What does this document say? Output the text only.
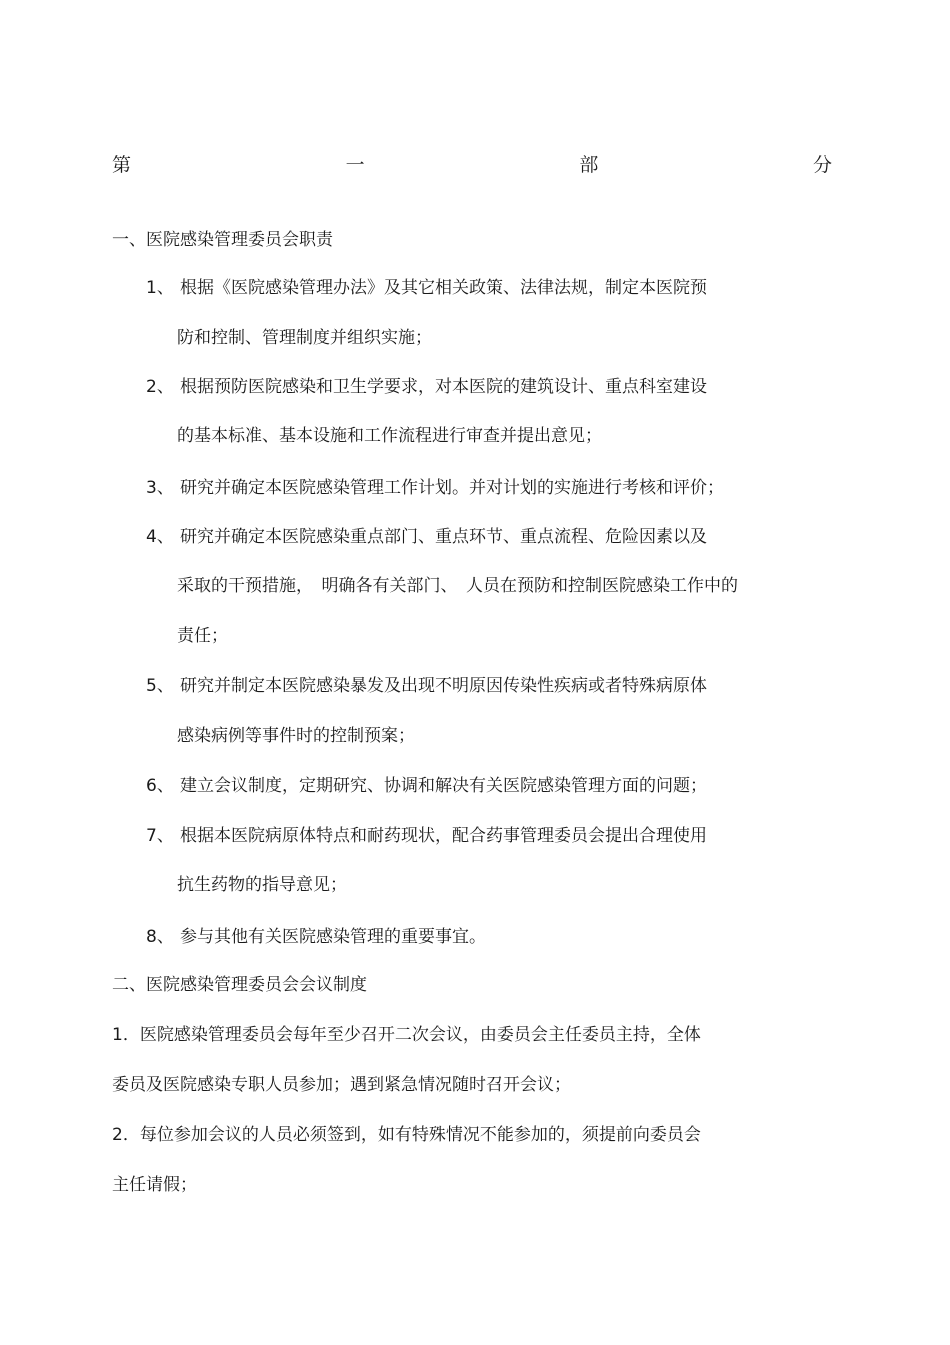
第	一	部	分
一、医院感染管理委员会职责
1、 根据《医院感染管理办法》及其它相关政策、法律法规，制定本医院预
防和控制、管理制度并组织实施；
2、 根据预防医院感染和卫生学要求，对本医院的建筑设计、重点科室建设
的基本标准、基本设施和工作流程进行审查并提出意见；
3、 研究并确定本医院感染管理工作计划。并对计划的实施进行考核和评价；
4、 研究并确定本医院感染重点部门、重点环节、重点流程、危险因素以及
采取的干预措施，　明确各有关部门、　人员在预防和控制医院感染工作中的
责任；
5、 研究并制定本医院感染暴发及出现不明原因传染性疾病或者特殊病原体
感染病例等事件时的控制预案；
6、 建立会议制度，定期研究、协调和解决有关医院感染管理方面的问题；
7、 根据本医院病原体特点和耐药现状，配合药事管理委员会提出合理使用
抗生药物的指导意见；
8、 参与其他有关医院感染管理的重要事宜。
二、医院感染管理委员会会议制度
1．医院感染管理委员会每年至少召开二次会议，由委员会主任委员主持，全体
委员及医院感染专职人员参加；遇到紧急情况随时召开会议；
2．每位参加会议的人员必须签到，如有特殊情况不能参加的，须提前向委员会
主任请假；
